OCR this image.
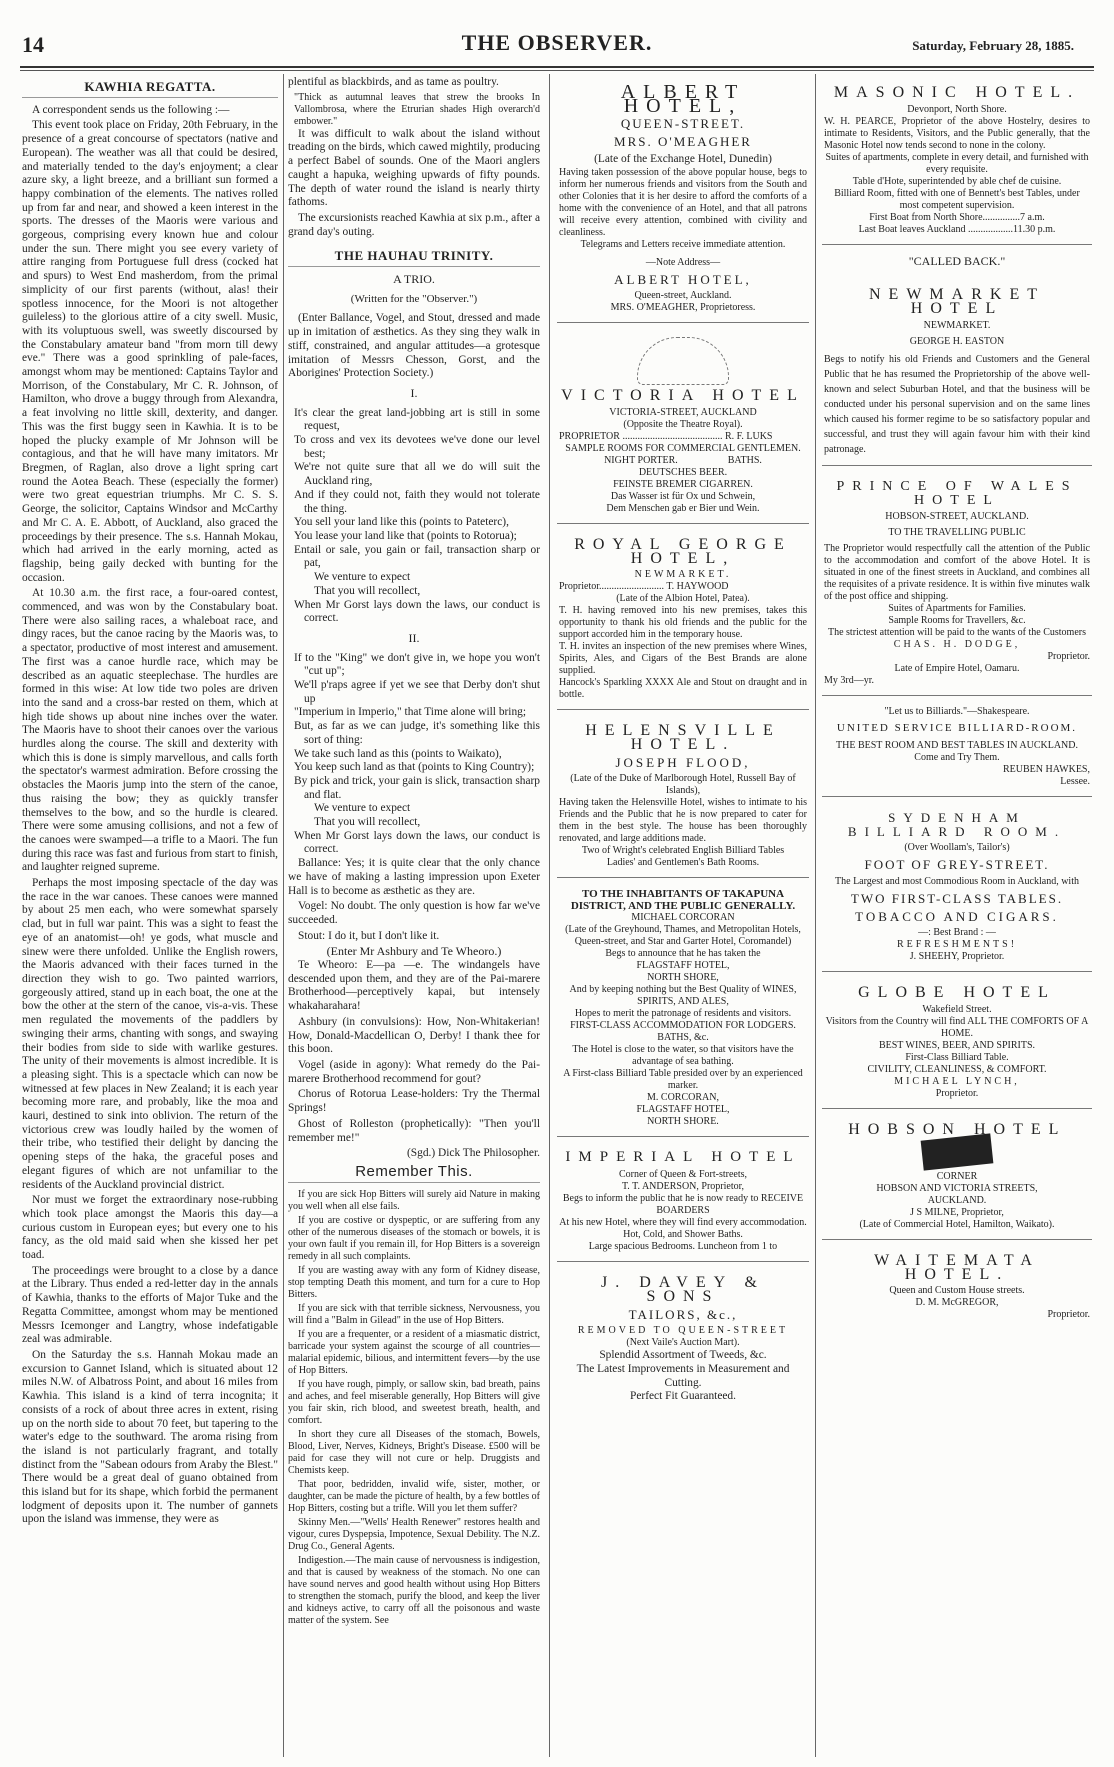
14	THE OBSERVER.	Saturday, February 28, 1885.
KAWHIA REGATTA.

A correspondent sends us the following :—

This event took place on Friday, 20th February, in the presence of a great concourse of spectators (native and European). The weather was all that could be desired, and materially tended to the day's enjoyment; a clear azure sky, a light breeze, and a brilliant sun formed a happy combination of the elements. The natives rolled up from far and near, and showed a keen interest in the sports. The dresses of the Maoris were various and gorgeous, comprising every known hue and colour under the sun. There might you see every variety of attire ranging from Portuguese full dress (cocked hat and spurs) to West End masherdom, from the primal simplicity of our first parents (without, alas! their spotless innocence, for the Moori is not altogether guileless) to the glorious attire of a city swell. Music, with its voluptuous swell, was sweetly discoursed by the Constabulary amateur band "from morn till dewy eve." There was a good sprinkling of pale-faces, amongst whom may be mentioned: Captains Taylor and Morrison, of the Constabulary, Mr C. R. Johnson, of Hamilton, who drove a buggy through from Alexandra, a feat involving no little skill, dexterity, and danger. This was the first buggy seen in Kawhia. It is to be hoped the plucky example of Mr Johnson will be contagious, and that he will have many imitators. Mr Bregmen, of Raglan, also drove a light spring cart round the Aotea Beach. These (especially the former) were two great equestrian triumphs. Mr C. S. S. George, the solicitor, Captains Windsor and McCarthy and Mr C. A. E. Abbott, of Auckland, also graced the proceedings by their presence. The s.s. Hannah Mokau, which had arrived in the early morning, acted as flagship, being gaily decked with bunting for the occasion.

At 10.30 a.m. the first race, a four-oared contest, commenced, and was won by the Constabulary boat. There were also sailing races, a whaleboat race, and dingy races, but the canoe racing by the Maoris was, to a spectator, productive of most interest and amusement. The first was a canoe hurdle race, which may be described as an aquatic steeplechase. The hurdles are formed in this wise: At low tide two poles are driven into the sand and a cross-bar rested on them, which at high tide shows up about nine inches over the water. The Maoris have to shoot their canoes over the various hurdles along the course. The skill and dexterity with which this is done is simply marvellous, and calls forth the spectator's warmest admiration. Before crossing the obstacles the Maoris jump into the stern of the canoe, thus raising the bow; they as quickly transfer themselves to the bow, and so the hurdle is cleared. There were some amusing collisions, and not a few of the canoes were swamped—a trifle to a Maori. The fun during this race was fast and furious from start to finish, and laughter reigned supreme.

Perhaps the most imposing spectacle of the day was the race in the war canoes. These canoes were manned by about 25 men each, who were somewhat sparsely clad, but in full war paint. This was a sight to feast the eye of an anatomist—oh! ye gods, what muscle and sinew were there unfolded. Unlike the English rowers, the Maoris advanced with their faces turned in the direction they wish to go. Two painted warriors, gorgeously attired, stand up in each boat, the one at the bow the other at the stern of the canoe, vis-a-vis. These men regulated the movements of the paddlers by swinging their arms, chanting with songs, and swaying their bodies from side to side with warlike gestures. The unity of their movements is almost incredible. It is a pleasing sight. This is a spectacle which can now be witnessed at few places in New Zealand; it is each year becoming more rare, and probably, like the moa and kauri, destined to sink into oblivion. The return of the victorious crew was loudly hailed by the women of their tribe, who testified their delight by dancing the opening steps of the haka, the graceful poses and elegant figures of which are not unfamiliar to the residents of the Auckland provincial district.

Nor must we forget the extraordinary nose-rubbing which took place amongst the Maoris this day—a curious custom in European eyes; but every one to his fancy, as the old maid said when she kissed her pet toad.

The proceedings were brought to a close by a dance at the Library. Thus ended a red-letter day in the annals of Kawhia, thanks to the efforts of Major Tuke and the Regatta Committee, amongst whom may be mentioned Messrs Icemonger and Langtry, whose indefatigable zeal was admirable.

On the Saturday the s.s. Hannah Mokau made an excursion to Gannet Island, which is situated about 12 miles N.W. of Albatross Point, and about 16 miles from Kawhia. This island is a kind of terra incognita; it consists of a rock of about three acres in extent, rising up on the north side to about 70 feet, but tapering to the water's edge to the southward. The aroma rising from the island is not particularly fragrant, and totally distinct from the "Sabean odours from Araby the Blest." There would be a great deal of guano obtained from this island but for its shape, which forbid the permanent lodgment of deposits upon it. The number of gannets upon the island was immense, they were as

plentiful as blackbirds, and as tame as poultry.

"Thick as autumnal leaves that strew the brooks In Vallombrosa, where the Etrurian shades High overarch'd embower."

It was difficult to walk about the island without treading on the birds, which cawed mightily, producing a perfect Babel of sounds. One of the Maori anglers caught a hapuka, weighing upwards of fifty pounds. The depth of water round the island is nearly thirty fathoms.

The excursionists reached Kawhia at six p.m., after a grand day's outing.

THE HAUHAU TRINITY.
A TRIO.
(Written for the "Observer.")

(Enter Ballance, Vogel, and Stout, dressed and made up in imitation of æsthetics. As they sing they walk in stiff, constrained, and angular attitudes—a grotesque imitation of Messrs Chesson, Gorst, and the Aborigines' Protection Society.)

I.
It's clear the great land-jobbing art is still in some request,
To cross and vex its devotees we've done our level best;
We're not quite sure that all we do will suit the Auckland ring,
And if they could not, faith they would not tolerate the thing.
You sell your land like this (points to Pateterc),
You lease your land like that (points to Rotorua);
Entail or sale, you gain or fail, transaction sharp or pat,
We venture to expect
That you will recollect,
When Mr Gorst lays down the laws, our conduct is correct.
II.
If to the "King" we don't give in, we hope you won't "cut up";
We'll p'raps agree if yet we see that Derby don't shut up
"Imperium in Imperio," that Time alone will bring;
But, as far as we can judge, it's something like this sort of thing:
We take such land as this (points to Waikato),
You keep such land as that (points to King Country);
By pick and trick, your gain is slick, transaction sharp and flat.
We venture to expect
That you will recollect,
When Mr Gorst lays down the laws, our conduct is correct.

Ballance: Yes; it is quite clear that the only chance we have of making a lasting impression upon Exeter Hall is to become as æsthetic as they are.

Vogel: No doubt. The only question is how far we've succeeded.

Stout: I do it, but I don't like it.

(Enter Mr Ashbury and Te Wheoro.)

Te Wheoro: E—pa —e. The windangels have descended upon them, and they are of the Pai-marere Brotherhood—perceptively kapai, but intensely whakaharahara!

Ashbury (in convulsions): How, Non-Whitakerian! How, Donald-Macdellican O, Derby! I thank thee for this boon.

Vogel (aside in agony): What remedy do the Pai-marere Brotherhood recommend for gout?

Chorus of Rotorua Lease-holders: Try the Thermal Springs!

Ghost of Rolleston (prophetically): "Then you'll remember me!"

(Sgd.) Dick The Philosopher.
Remember This.

If you are sick Hop Bitters will surely aid Nature in making you well when all else fails.

If you are costive or dyspeptic, or are suffering from any other of the numerous diseases of the stomach or bowels, it is your own fault if you remain ill, for Hop Bitters is a sovereign remedy in all such complaints.

If you are wasting away with any form of Kidney disease, stop tempting Death this moment, and turn for a cure to Hop Bitters.

If you are sick with that terrible sickness, Nervousness, you will find a "Balm in Gilead" in the use of Hop Bitters.

If you are a frequenter, or a resident of a miasmatic district, barricade your system against the scourge of all countries—malarial epidemic, bilious, and intermittent fevers—by the use of Hop Bitters.

If you have rough, pimply, or sallow skin, bad breath, pains and aches, and feel miserable generally, Hop Bitters will give you fair skin, rich blood, and sweetest breath, health, and comfort.

In short they cure all Diseases of the stomach, Bowels, Blood, Liver, Nerves, Kidneys, Bright's Disease. £500 will be paid for case they will not cure or help. Druggists and Chemists keep.

That poor, bedridden, invalid wife, sister, mother, or daughter, can be made the picture of health, by a few bottles of Hop Bitters, costing but a trifle. Will you let them suffer?

Skinny Men.—"Wells' Health Renewer" restores health and vigour, cures Dyspepsia, Impotence, Sexual Debility. The N.Z. Drug Co., General Agents.

Indigestion.—The main cause of nervousness is indigestion, and that is caused by weakness of the stomach. No one can have sound nerves and good health without using Hop Bitters to strengthen the stomach, purify the blood, and keep the liver and kidneys active, to carry off all the poisonous and waste matter of the system. See

ALBERT HOTEL,
QUEEN-STREET.
MRS. O'MEAGHER
(Late of the Exchange Hotel, Dunedin)
Having taken possession of the above popular house, begs to inform her numerous friends and visitors from the South and other Colonies that it is her desire to afford the comforts of a home with the convenience of an Hotel, and that all patrons will receive every attention, combined with civility and cleanliness.
Telegrams and Letters receive immediate attention.
—Note Address—
ALBERT HOTEL,
Queen-street, Auckland.
MRS. O'MEAGHER, Proprietoress.
VICTORIA HOTEL
VICTORIA-STREET, AUCKLAND
(Opposite the Theatre Royal).
PROPRIETOR ........................................ R. F. LUKS
SAMPLE ROOMS FOR COMMERCIAL GENTLEMEN.
NIGHT PORTER.                    BATHS.
DEUTSCHES BEER.
FEINSTE BREMER CIGARREN.
Das Wasser ist für Ox und Schwein,
Dem Menschen gab er Bier und Wein.
ROYAL GEORGE HOTEL,
NEWMARKET.
Proprietor.......................... T. HAYWOOD
(Late of the Albion Hotel, Patea).
T. H. having removed into his new premises, takes this opportunity to thank his old friends and the public for the support accorded him in the temporary house.
T. H. invites an inspection of the new premises where Wines, Spirits, Ales, and Cigars of the Best Brands are alone supplied.
Hancock's Sparkling XXXX Ale and Stout on draught and in bottle.
HELENSVILLE HOTEL.
JOSEPH FLOOD,
(Late of the Duke of Marlborough Hotel, Russell Bay of Islands),
Having taken the Helensville Hotel, wishes to intimate to his Friends and the Public that he is now prepared to cater for them in the best style. The house has been thoroughly renovated, and large additions made.
Two of Wright's celebrated English Billiard Tables
Ladies' and Gentlemen's Bath Rooms.
TO THE INHABITANTS OF TAKAPUNA DISTRICT, AND THE PUBLIC GENERALLY.
MICHAEL CORCORAN
(Late of the Greyhound, Thames, and Metropolitan Hotels, Queen-street, and Star and Garter Hotel, Coromandel)
Begs to announce that he has taken the
FLAGSTAFF HOTEL,
NORTH SHORE,
And by keeping nothing but the Best Quality of WINES, SPIRITS, AND ALES,
Hopes to merit the patronage of residents and visitors.
FIRST-CLASS ACCOMMODATION FOR LODGERS. BATHS, &c.
The Hotel is close to the water, so that visitors have the advantage of sea bathing.
A First-class Billiard Table presided over by an experienced marker.
M. CORCORAN,
FLAGSTAFF HOTEL,
NORTH SHORE.
IMPERIAL HOTEL
Corner of Queen & Fort-streets,
T. T. ANDERSON, Proprietor,
Begs to inform the public that he is now ready to RECEIVE BOARDERS
At his new Hotel, where they will find every accommodation. Hot, Cold, and Shower Baths.
Large spacious Bedrooms. Luncheon from 1 to
J. DAVEY & SONS
TAILORS, &c.,
REMOVED TO QUEEN-STREET
(Next Vaile's Auction Mart).
Splendid Assortment of Tweeds, &c.
The Latest Improvements in Measurement and Cutting.
Perfect Fit Guaranteed.
MASONIC HOTEL.
Devonport, North Shore.
W. H. PEARCE, Proprietor of the above Hostelry, desires to intimate to Residents, Visitors, and the Public generally, that the Masonic Hotel now tends second to none in the colony.
Suites of apartments, complete in every detail, and furnished with every requisite.
Table d'Hote, superintended by able chef de cuisine.
Billiard Room, fitted with one of Bennett's best Tables, under most competent supervision.
First Boat from North Shore...............7 a.m.
Last Boat leaves Auckland ..................11.30 p.m.
"CALLED BACK."
NEWMARKET HOTEL
NEWMARKET.
GEORGE H. EASTON
Begs to notify his old Friends and Customers and the General Public that he has resumed the Proprietorship of the above well-known and select Suburban Hotel, and that the business will be conducted under his personal supervision and on the same lines which caused his former regime to be so satisfactory popular and successful, and trust they will again favour him with their kind patronage.
PRINCE OF WALES HOTEL
HOBSON-STREET, AUCKLAND.
TO THE TRAVELLING PUBLIC
The Proprietor would respectfully call the attention of the Public to the accommodation and comfort of the above Hotel. It is situated in one of the finest streets in Auckland, and combines all the requisites of a private residence. It is within five minutes walk of the post office and shipping.
Suites of Apartments for Families.
Sample Rooms for Travellers, &c.
The strictest attention will be paid to the wants of the Customers
CHAS. H. DODGE,
Proprietor.
Late of Empire Hotel, Oamaru.
My 3rd—yr.
"Let us to Billiards."—Shakespeare.
UNITED SERVICE BILLIARD-ROOM.
THE BEST ROOM AND BEST TABLES IN AUCKLAND.
Come and Try Them.
REUBEN HAWKES,
Lessee.
SYDENHAM BILLIARD ROOM.
(Over Woollam's, Tailor's)
FOOT OF GREY-STREET.
The Largest and most Commodious Room in Auckland, with
TWO FIRST-CLASS TABLES.
TOBACCO AND CIGARS.
—: Best Brand : —
REFRESHMENTS!
J. SHEEHY, Proprietor.
GLOBE HOTEL
Wakefield Street.
Visitors from the Country will find ALL THE COMFORTS OF A HOME.
BEST WINES, BEER, AND SPIRITS.
First-Class Billiard Table.
CIVILITY, CLEANLINESS, & COMFORT.
MICHAEL LYNCH,
Proprietor.
HOBSON HOTEL
CORNER
HOBSON AND VICTORIA STREETS,
AUCKLAND.
J S MILNE, Proprietor,
(Late of Commercial Hotel, Hamilton, Waikato).
WAITEMATA HOTEL.
Queen and Custom House streets.
D. M. McGREGOR,
Proprietor.
